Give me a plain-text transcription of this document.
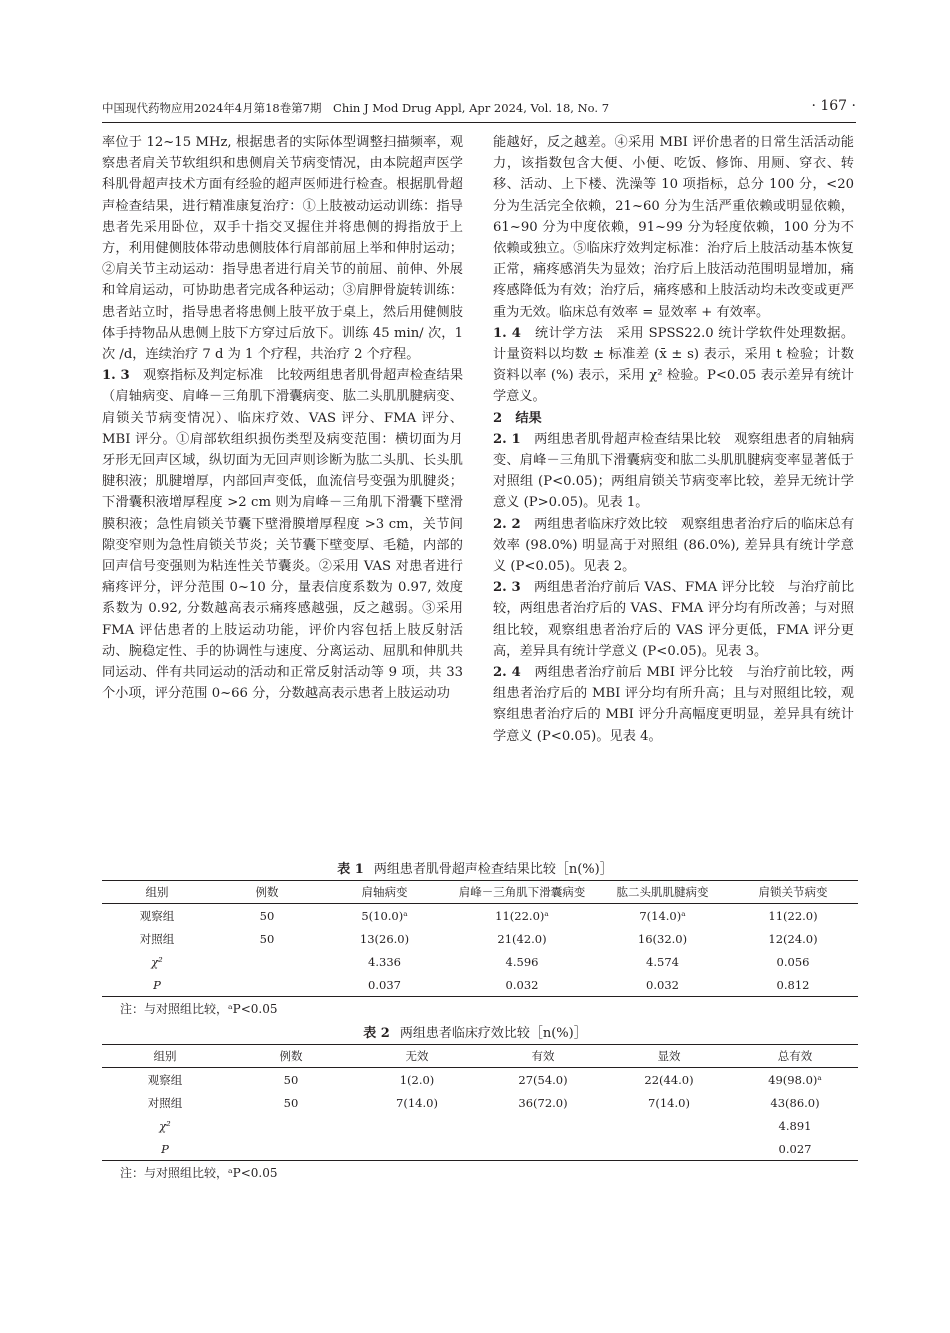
中国现代药物应用2024年4月第18卷第7期　Chin J Mod Drug Appl, Apr 2024, Vol. 18, No. 7	· 167 ·

率位于 12~15 MHz, 根据患者的实际体型调整扫描频率，观察患者肩关节软组织和患侧肩关节病变情况，由本院超声医学科肌骨超声技术方面有经验的超声医师进行检查。根据肌骨超声检查结果，进行精准康复治疗：①上肢被动运动训练：指导患者先采用卧位，双手十指交叉握住并将患侧的拇指放于上方，利用健侧肢体带动患侧肢体行肩部前屈上举和伸肘运动；②肩关节主动运动：指导患者进行肩关节的前屈、前伸、外展和耸肩运动，可协助患者完成各种运动；③肩胛骨旋转训练：患者站立时，指导患者将患侧上肢平放于桌上，然后用健侧肢体手持物品从患侧上肢下方穿过后放下。训练 45 min/ 次，1 次 /d，连续治疗 7 d 为 1 个疗程，共治疗 2 个疗程。

1. 3　 观察指标及判定标准　 比较两组患者肌骨超声检查结果（肩轴病变、肩峰－三角肌下滑囊病变、肱二头肌肌腱病变、肩锁关节病变情况）、临床疗效、VAS 评分、FMA 评分、MBI 评分。①肩部软组织损伤类型及病变范围：横切面为月牙形无回声区域，纵切面为无回声则诊断为肱二头肌、长头肌腱积液；肌腱增厚，内部回声变低，血流信号变强为肌腱炎；下滑囊积液增厚程度 >2 cm 则为肩峰－三角肌下滑囊下壁滑膜积液；急性肩锁关节囊下壁滑膜增厚程度 >3 cm，关节间隙变窄则为急性肩锁关节炎；关节囊下壁变厚、毛糙，内部的回声信号变强则为粘连性关节囊炎。②采用 VAS 对患者进行痛疼评分，评分范围 0~10 分，量表信度系数为 0.97, 效度系数为 0.92, 分数越高表示痛疼感越强，反之越弱。③采用 FMA 评估患者的上肢运动功能，评价内容包括上肢反射活动、腕稳定性、手的协调性与速度、分离运动、屈肌和伸肌共同运动、伴有共同运动的活动和正常反射活动等 9 项，共 33 个小项，评分范围 0~66 分，分数越高表示患者上肢运动功

能越好，反之越差。④采用 MBI 评价患者的日常生活活动能力，该指数包含大便、小便、吃饭、修饰、用厕、穿衣、转移、活动、上下楼、洗澡等 10 项指标，总分 100 分，<20 分为生活完全依赖，21~60 分为生活严重依赖或明显依赖，61~90 分为中度依赖，91~99 分为轻度依赖，100 分为不依赖或独立。⑤临床疗效判定标准：治疗后上肢活动基本恢复正常，痛疼感消失为显效；治疗后上肢活动范围明显增加，痛疼感降低为有效；治疗后，痛疼感和上肢活动均未改变或更严重为无效。临床总有效率 = 显效率 + 有效率。

1. 4　 统计学方法　 采用 SPSS22.0 统计学软件处理数据。计量资料以均数 ± 标准差 (x̄ ± s) 表示，采用 t 检验；计数资料以率 (%) 表示，采用 χ² 检验。P<0.05 表示差异有统计学意义。

2　 结果

2. 1　 两组患者肌骨超声检查结果比较　 观察组患者的肩轴病变、肩峰－三角肌下滑囊病变和肱二头肌肌腱病变率显著低于对照组 (P<0.05)；两组肩锁关节病变率比较，差异无统计学意义 (P>0.05)。见表 1。

2. 2　 两组患者临床疗效比较　 观察组患者治疗后的临床总有效率 (98.0%) 明显高于对照组 (86.0%), 差异具有统计学意义 (P<0.05)。见表 2。

2. 3　 两组患者治疗前后 VAS、FMA 评分比较　 与治疗前比较，两组患者治疗后的 VAS、FMA 评分均有所改善；与对照组比较，观察组患者治疗后的 VAS 评分更低，FMA 评分更高，差异具有统计学意义 (P<0.05)。见表 3。

2. 4　 两组患者治疗前后 MBI 评分比较　 与治疗前比较，两组患者治疗后的 MBI 评分均有所升高；且与对照组比较，观察组患者治疗后的 MBI 评分升高幅度更明显，差异具有统计学意义 (P<0.05)。见表 4。

表 1 两组患者肌骨超声检查结果比较［n(%)］
组别	例数	肩轴病变	肩峰－三角肌下滑囊病变	肱二头肌肌腱病变	肩锁关节病变
观察组	50	5(10.0)ᵃ	11(22.0)ᵃ	7(14.0)ᵃ	11(22.0)
对照组	50	13(26.0)	21(42.0)	16(32.0)	12(24.0)
χ²		4.336	4.596	4.574	0.056
P		0.037	0.032	0.032	0.812
注：与对照组比较，ᵃP<0.05
表 2 两组患者临床疗效比较［n(%)］
组别	例数	无效	有效	显效	总有效
观察组	50	1(2.0)	27(54.0)	22(44.0)	49(98.0)ᵃ
对照组	50	7(14.0)	36(72.0)	7(14.0)	43(86.0)
χ²					4.891
P					0.027
注：与对照组比较，ᵃP<0.05
